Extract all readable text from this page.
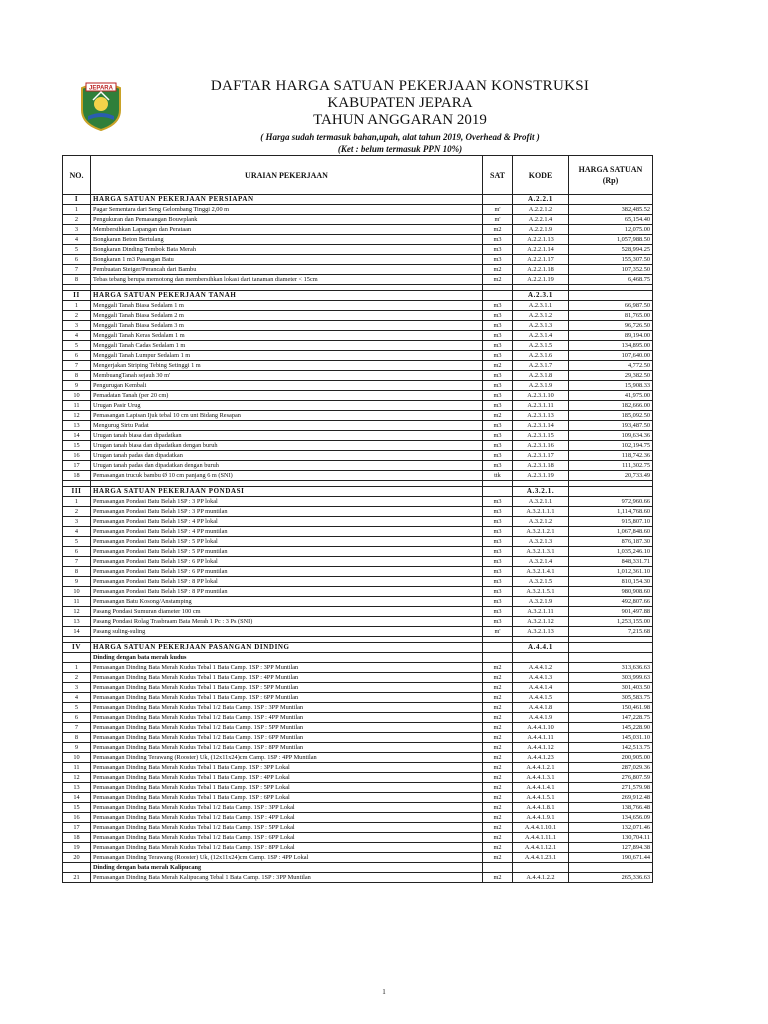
JEPARA	DAFTAR HARGA SATUAN PEKERJAAN KONSTRUKSI
KABUPATEN JEPARA
TAHUN ANGGARAN 2019
( Harga sudah termasuk bahan,upah, alat tahun 2019, Overhead & Profit )
(Ket : belum termasuk PPN 10%)
NO.	URAIAN PEKERJAAN	SAT	KODE	HARGA SATUAN
(Rp)
I	HARGA SATUAN PEKERJAAN PERSIAPAN		A.2.2.1	
1	Pagar Sementara dari Seng Gelombang Tinggi 2,00 m	m'	A.2.2.1.2	382,485.52
2	Pengukuran dan Pemasangan Bouwplank	m'	A.2.2.1.4	65,154.40
3	Membersihkan Lapangan dan Perataan	m2	A.2.2.1.9	12,075.00
4	Bongkaran Beton Bertulang	m3	A.2.2.1.13	1,057,988.50
5	Bongkaran Dinding Tembok Bata Merah	m3	A.2.2.1.14	528,994.25
6	Bongkaran 1 m3 Pasangan Batu	m3	A.2.2.1.17	155,307.50
7	Pembuatan Steiger/Perancah dari Bambu	m2	A.2.2.1.18	107,352.50
8	Tebas tebang berupa memotong dan membersihkan lokasi dari tanaman diameter < 15cm	m2	A.2.2.1.19	6,468.75

II	HARGA SATUAN PEKERJAAN TANAH		A.2.3.1	
1	Menggali Tanah Biasa Sedalam 1 m	m3	A.2.3.1.1	66,987.50
2	Menggali Tanah Biasa Sedalam 2 m	m3	A.2.3.1.2	81,765.00
3	Menggali Tanah Biasa Sedalam 3 m	m3	A.2.3.1.3	96,726.50
4	Menggali Tanah Keras Sedalam 1 m	m3	A.2.3.1.4	89,194.00
5	Menggali Tanah Cadas Sedalam 1 m	m3	A.2.3.1.5	134,895.00
6	Menggali Tanah Lumpur Sedalam 1 m	m3	A.2.3.1.6	107,640.00
7	Mengerjakan Striping Tebing Setinggi 1 m	m2	A.2.3.1.7	4,772.50
8	MembuangTanah sejauh 30 m'	m3	A.2.3.1.8	29,382.50
9	Pengurugan Kembali	m3	A.2.3.1.9	15,908.33
10	Pemadatan Tanah (per 20 cm)	m3	A.2.3.1.10	41,975.00
11	Urugan Pasir Urug	m3	A.2.3.1.11	182,666.00
12	Pemasangan Lapisan Ijuk tebal 10 cm unt Bidang Resapan	m2	A.2.3.1.13	185,092.50
13	Mengurug Sirtu Padat	m3	A.2.3.1.14	193,487.50
14	Urugan tanah biasa dan dipadatkan	m3	A.2.3.1.15	109,634.36
15	Urugan tanah biasa dan dipadatkan dengan buruh	m3	A.2.3.1.16	102,194.75
16	Urugan tanah padas dan dipadatkan	m3	A.2.3.1.17	118,742.36
17	Urugan tanah padas dan dipadatkan dengan buruh	m3	A.2.3.1.18	111,302.75
18	Pemasangan trucuk bambu Ø 10 cm panjang 6 m (SNI)	ttk	A.2.3.1.19	20,733.49

III	HARGA SATUAN PEKERJAAN PONDASI		A.3.2.1.	
1	Pemasangan Pondasi Batu Belah 1SP : 3 PP lokal	m3	A.3.2.1.1	972,960.66
2	Pemasangan Pondasi Batu Belah 1SP : 3 PP muntilan	m3	A.3.2.1.1.1	1,114,768.60
3	Pemasangan Pondasi Batu Belah 1SP : 4 PP lokal	m3	A.3.2.1.2	915,807.10
4	Pemasangan Pondasi Batu Belah 1SP : 4 PP muntilan	m3	A.3.2.1.2.1	1,067,848.60
5	Pemasangan Pondasi Batu Belah 1SP : 5 PP lokal	m3	A.3.2.1.3	876,187.30
6	Pemasangan Pondasi Batu Belah 1SP : 5 PP muntilan	m3	A.3.2.1.3.1	1,035,246.10
7	Pemasangan Pondasi Batu Belah 1SP : 6 PP lokal	m3	A.3.2.1.4	848,331.71
8	Pemasangan Pondasi Batu Belah 1SP : 6 PP muntilan	m3	A.3.2.1.4.1	1,012,361.10
9	Pemasangan Pondasi Batu Belah 1SP : 8 PP lokal	m3	A.3.2.1.5	810,154.30
10	Pemasangan Pondasi Batu Belah 1SP : 8 PP muntilan	m3	A.3.2.1.5.1	980,908.60
11	Pemasangan Batu Kosong/Anstamping	m3	A.3.2.1.9	492,807.66
12	Pasang Pondasi Sumuran diameter 100 cm	m3	A.3.2.1.11	901,497.88
13	Pasang Pondasi Rolag Trasbraam Bata Merah 1 Pc : 3 Ps (SNI)	m3	A.3.2.1.12	1,253,155.00
14	Pasang suling-suling	m'	A.3.2.1.13	7,215.68

IV	HARGA SATUAN PEKERJAAN PASANGAN DINDING		A.4.4.1	
	Dinding dengan bata merah kudus			
1	Pemasangan Dinding Bata Merah Kudus Tebal 1 Bata Camp. 1SP : 3PP Muntilan	m2	A.4.4.1.2	313,636.63
2	Pemasangan Dinding Bata Merah Kudus Tebal 1 Bata Camp. 1SP : 4PP Muntilan	m2	A.4.4.1.3	303,999.63
3	Pemasangan Dinding Bata Merah Kudus Tebal 1 Bata Camp. 1SP : 5PP Muntilan	m2	A.4.4.1.4	301,403.50
4	Pemasangan Dinding Bata Merah Kudus Tebal 1 Bata Camp. 1SP : 6PP Muntilan	m2	A.4.4.1.5	305,583.75
5	Pemasangan Dinding Bata Merah Kudus Tebal 1/2 Bata Camp. 1SP : 3PP Muntilan	m2	A.4.4.1.8	150,461.98
6	Pemasangan Dinding Bata Merah Kudus Tebal 1/2 Bata Camp. 1SP : 4PP Muntilan	m2	A.4.4.1.9	147,228.75
7	Pemasangan Dinding Bata Merah Kudus Tebal 1/2 Bata Camp. 1SP : 5PP Muntilan	m2	A.4.4.1.10	145,228.90
8	Pemasangan Dinding Bata Merah Kudus Tebal 1/2 Bata Camp. 1SP : 6PP Muntilan	m2	A.4.4.1.11	145,031.10
9	Pemasangan Dinding Bata Merah Kudus Tebal 1/2 Bata Camp. 1SP : 8PP Muntilan	m2	A.4.4.1.12	142,513.75
10	Pemasangan Dinding Terawang (Rooster) Uk, (12x11x24)cm Camp. 1SP : 4PP Muntilan	m2	A.4.4.1.23	200,905.00
11	Pemasangan Dinding Bata Merah Kudus Tebal 1 Bata Camp. 1SP : 3PP Lokal	m2	A.4.4.1.2.1	287,029.36
12	Pemasangan Dinding Bata Merah Kudus Tebal 1 Bata Camp. 1SP : 4PP Lokal	m2	A.4.4.1.3.1	276,807.59
13	Pemasangan Dinding Bata Merah Kudus Tebal 1 Bata Camp. 1SP : 5PP Lokal	m2	A.4.4.1.4.1	271,579.98
14	Pemasangan Dinding Bata Merah Kudus Tebal 1 Bata Camp. 1SP : 6PP Lokal	m2	A.4.4.1.5.1	269,912.48
15	Pemasangan Dinding Bata Merah Kudus Tebal 1/2 Bata Camp. 1SP : 3PP Lokal	m2	A.4.4.1.8.1	138,766.48
16	Pemasangan Dinding Bata Merah Kudus Tebal 1/2 Bata Camp. 1SP : 4PP Lokal	m2	A.4.4.1.9.1	134,656.09
17	Pemasangan Dinding Bata Merah Kudus Tebal 1/2 Bata Camp. 1SP : 5PP Lokal	m2	A.4.4.1.10.1	132,071.46
18	Pemasangan Dinding Bata Merah Kudus Tebal 1/2 Bata Camp. 1SP : 6PP Lokal	m2	A.4.4.1.11.1	130,704.11
19	Pemasangan Dinding Bata Merah Kudus Tebal 1/2 Bata Camp. 1SP : 8PP Lokal	m2	A.4.4.1.12.1	127,894.38
20	Pemasangan Dinding Terawang (Rooster) Uk, (12x11x24)cm Camp. 1SP : 4PP Lokal	m2	A.4.4.1.23.1	190,671.44
	Dinding dengan bata merah Kalipucang			
21	Pemasangan Dinding Bata Merah Kalipucang Tebal 1 Bata Camp. 1SP : 3PP Muntilan	m2	A.4.4.1.2.2	265,336.63
1
